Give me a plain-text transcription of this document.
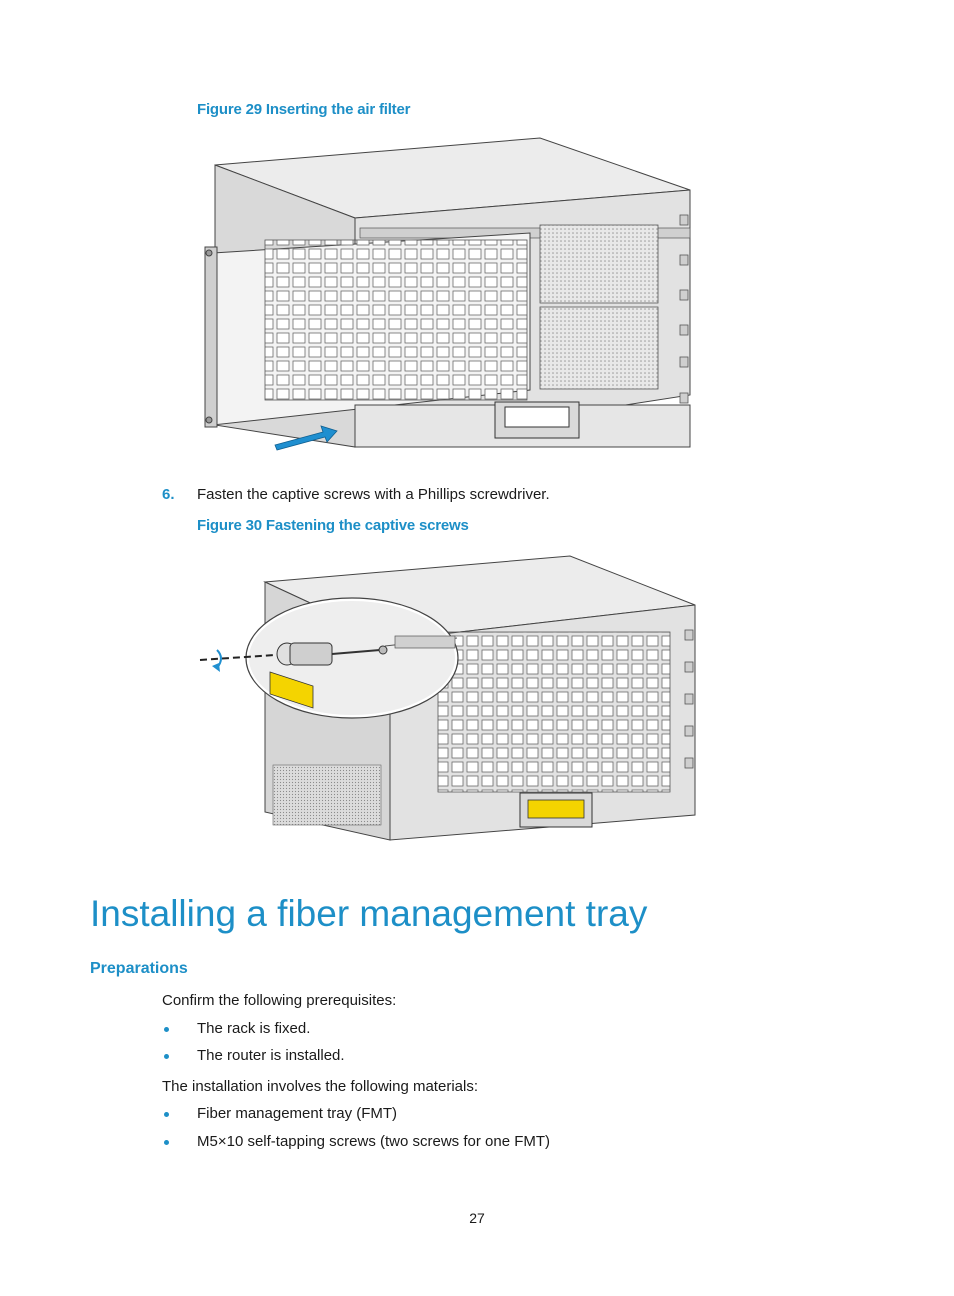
Figure 29 Inserting the air filter
6. Fasten the captive screws with a Phillips screwdriver.
Figure 30 Fastening the captive screws
Installing a fiber management tray
Preparations
Confirm the following prerequisites:
The rack is fixed.
The router is installed.
The installation involves the following materials:
Fiber management tray (FMT)
M5×10 self-tapping screws (two screws for one FMT)
27
